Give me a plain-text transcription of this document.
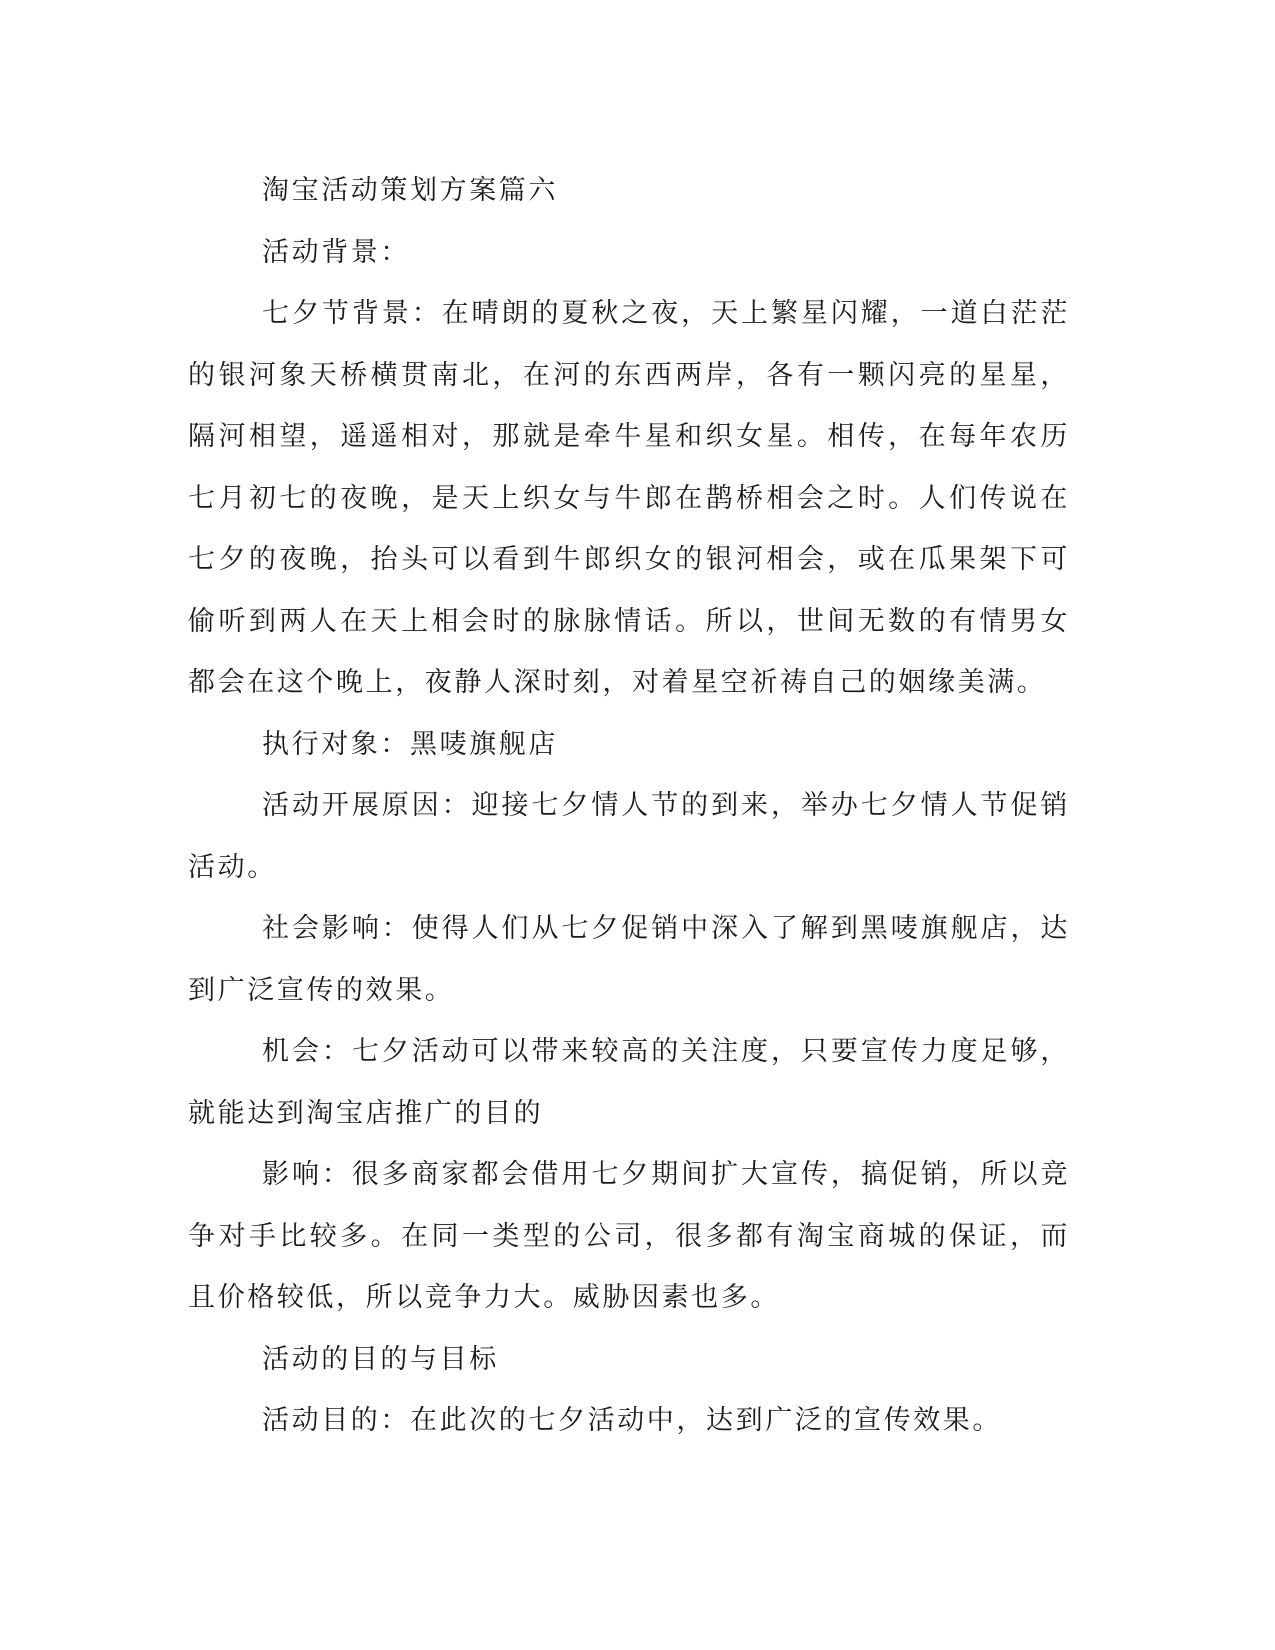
淘宝活动策划方案篇六

活动背景：

七夕节背景：在晴朗的夏秋之夜，天上繁星闪耀，一道白茫茫的银河象天桥横贯南北，在河的东西两岸，各有一颗闪亮的星星，隔河相望，遥遥相对，那就是牵牛星和织女星。相传，在每年农历七月初七的夜晚，是天上织女与牛郎在鹊桥相会之时。人们传说在七夕的夜晚，抬头可以看到牛郎织女的银河相会，或在瓜果架下可偷听到两人在天上相会时的脉脉情话。所以，世间无数的有情男女都会在这个晚上，夜静人深时刻，对着星空祈祷自己的姻缘美满。

执行对象：黑唛旗舰店

活动开展原因：迎接七夕情人节的到来，举办七夕情人节促销活动。

社会影响：使得人们从七夕促销中深入了解到黑唛旗舰店，达到广泛宣传的效果。

机会：七夕活动可以带来较高的关注度，只要宣传力度足够，就能达到淘宝店推广的目的

影响：很多商家都会借用七夕期间扩大宣传，搞促销，所以竞争对手比较多。在同一类型的公司，很多都有淘宝商城的保证，而且价格较低，所以竞争力大。威胁因素也多。

活动的目的与目标

活动目的：在此次的七夕活动中，达到广泛的宣传效果。
